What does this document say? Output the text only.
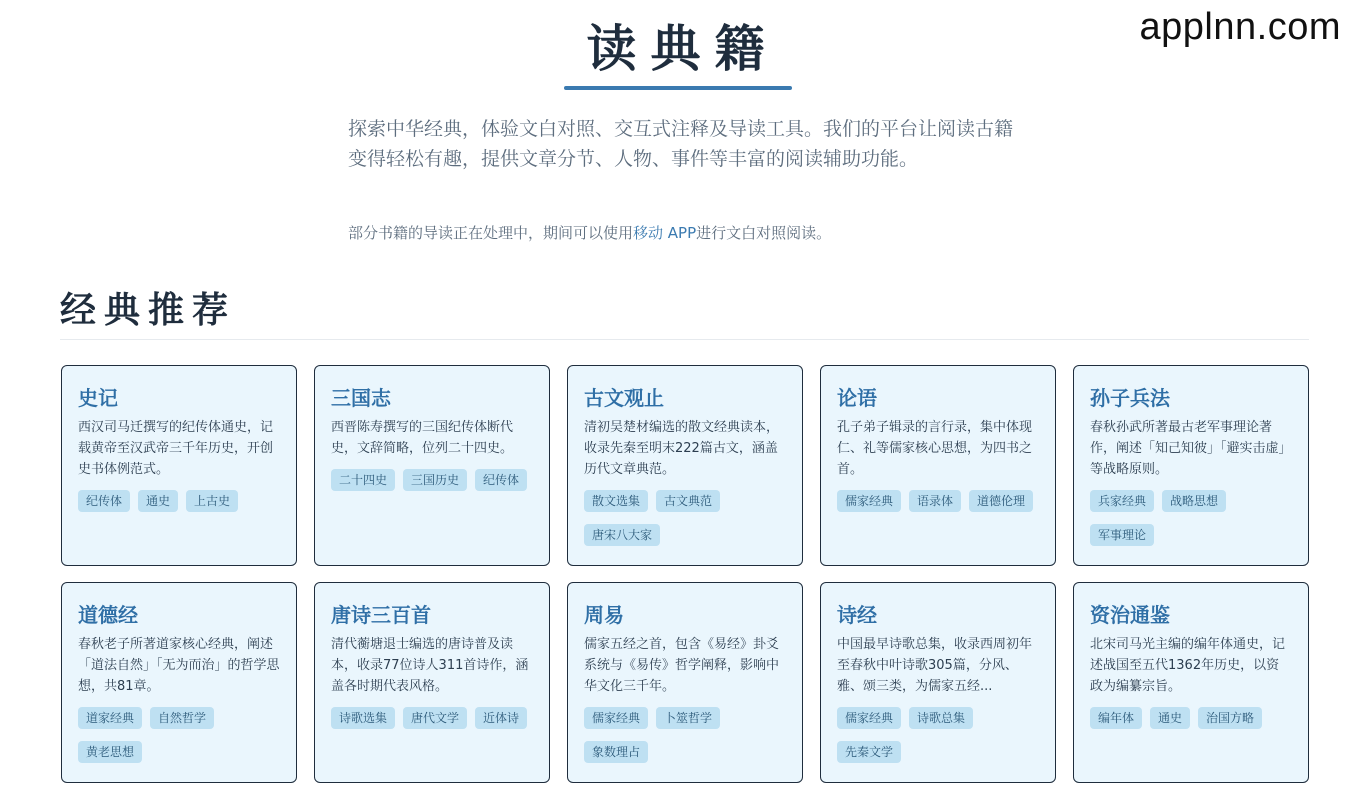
applnn.com
读典籍

探索中华经典，体验文白对照、交互式注释及导读工具。我们的平台让阅读古籍变得轻松有趣，提供文章分节、人物、事件等丰富的阅读辅助功能。

部分书籍的导读正在处理中，期间可以使用移动 APP进行文白对照阅读。

经典推荐
史记
西汉司马迁撰写的纪传体通史，记载黄帝至汉武帝三千年历史，开创史书体例范式。
纪传体	通史	上古史
三国志
西晋陈寿撰写的三国纪传体断代史，文辞简略，位列二十四史。
二十四史	三国历史	纪传体
古文观止
清初吴楚材编选的散文经典读本，收录先秦至明末222篇古文，涵盖历代文章典范。
散文选集	古文典范
唐宋八大家
论语
孔子弟子辑录的言行录，集中体现仁、礼等儒家核心思想，为四书之首。
儒家经典	语录体	道德伦理
孙子兵法
春秋孙武所著最古老军事理论著作，阐述「知己知彼」「避实击虚」等战略原则。
兵家经典	战略思想
军事理论
道德经
春秋老子所著道家核心经典，阐述「道法自然」「无为而治」的哲学思想，共81章。
道家经典	自然哲学
黄老思想
唐诗三百首
清代蘅塘退士编选的唐诗普及读本，收录77位诗人311首诗作，涵盖各时期代表风格。
诗歌选集	唐代文学	近体诗
周易
儒家五经之首，包含《易经》卦爻系统与《易传》哲学阐释，影响中华文化三千年。
儒家经典	卜筮哲学
象数理占
诗经
中国最早诗歌总集，收录西周初年至春秋中叶诗歌305篇，分风、雅、颂三类，为儒家五经...
儒家经典	诗歌总集
先秦文学
资治通鉴
北宋司马光主编的编年体通史，记述战国至五代1362年历史，以资政为编纂宗旨。
编年体	通史	治国方略
